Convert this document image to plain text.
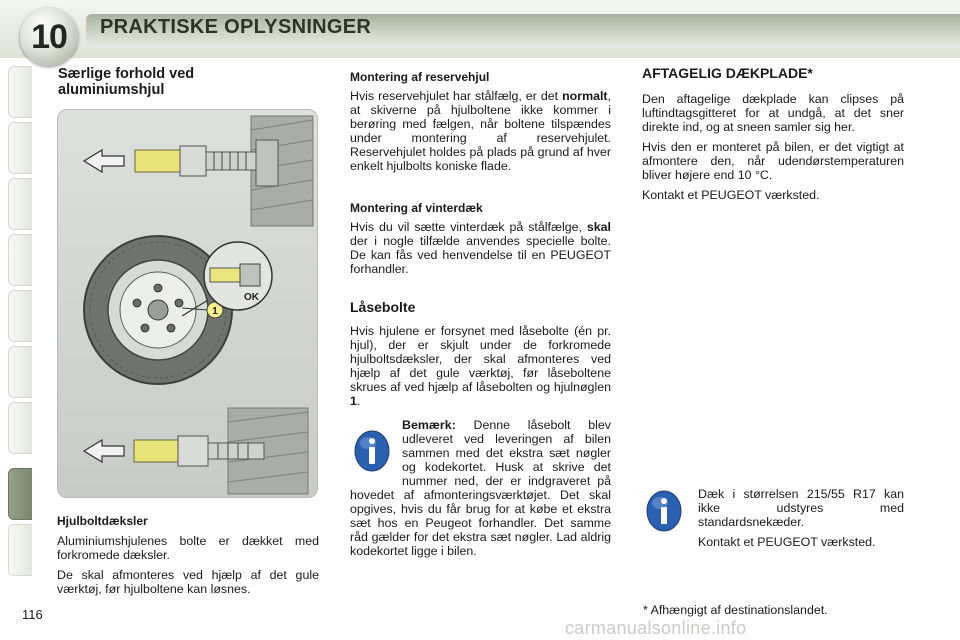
10	PRAKTISKE OPLYSNINGER
Særlige forhold ved aluminiumshjul
1
OK
Hjulboltdæksler

Aluminiumshjulenes bolte er dækket med forkromede dæksler.

De skal afmonteres ved hjælp af det gule værktøj, før hjulboltene kan løsnes.

Montering af reservehjul

Hvis reservehjulet har stålfælg, er det normalt, at skiverne på hjulboltene ikke kommer i berøring med fælgen, når boltene tilspændes under montering af reservehjulet. Reservehjulet holdes på plads på grund af hver enkelt hjulbolts koniske flade.

Montering af vinterdæk

Hvis du vil sætte vinterdæk på stålfælge, skal der i nogle tilfælde anvendes specielle bolte. De kan fås ved henvendelse til en PEUGEOT forhandler.

Låsebolte

Hvis hjulene er forsynet med låsebolte (én pr. hjul), der er skjult under de forkromede hjulboltsdæksler, der skal afmonteres ved hjælp af det gule værktøj, før låseboltene skrues af ved hjælp af låsebolten og hjulnøglen 1.

Bemærk: Denne låsebolt blev udleveret ved leveringen af bilen sammen med det ekstra sæt nøgler og kodekortet. Husk at skrive det nummer ned, der er indgraveret på hovedet af afmonteringsværktøjet. Det skal opgives, hvis du får brug for at købe et ekstra sæt hos en Peugeot forhandler. Det samme råd gælder for det ekstra sæt nøgler. Lad aldrig kodekortet ligge i bilen.

AFTAGELIG DÆKPLADE*

Den aftagelige dækplade kan clipses på luftindtagsgitteret for at undgå, at det sner direkte ind, og at sneen samler sig her.

Hvis den er monteret på bilen, er det vigtigt at afmontere den, når udendørstemperaturen bliver højere end 10 °C.

Kontakt et PEUGEOT værksted.

Dæk i størrelsen 215/55 R17 kan ikke udstyres med standardsnekæder.

Kontakt et PEUGEOT værksted.

116	* Afhængigt af destinationslandet.
carmanualsonline.info
